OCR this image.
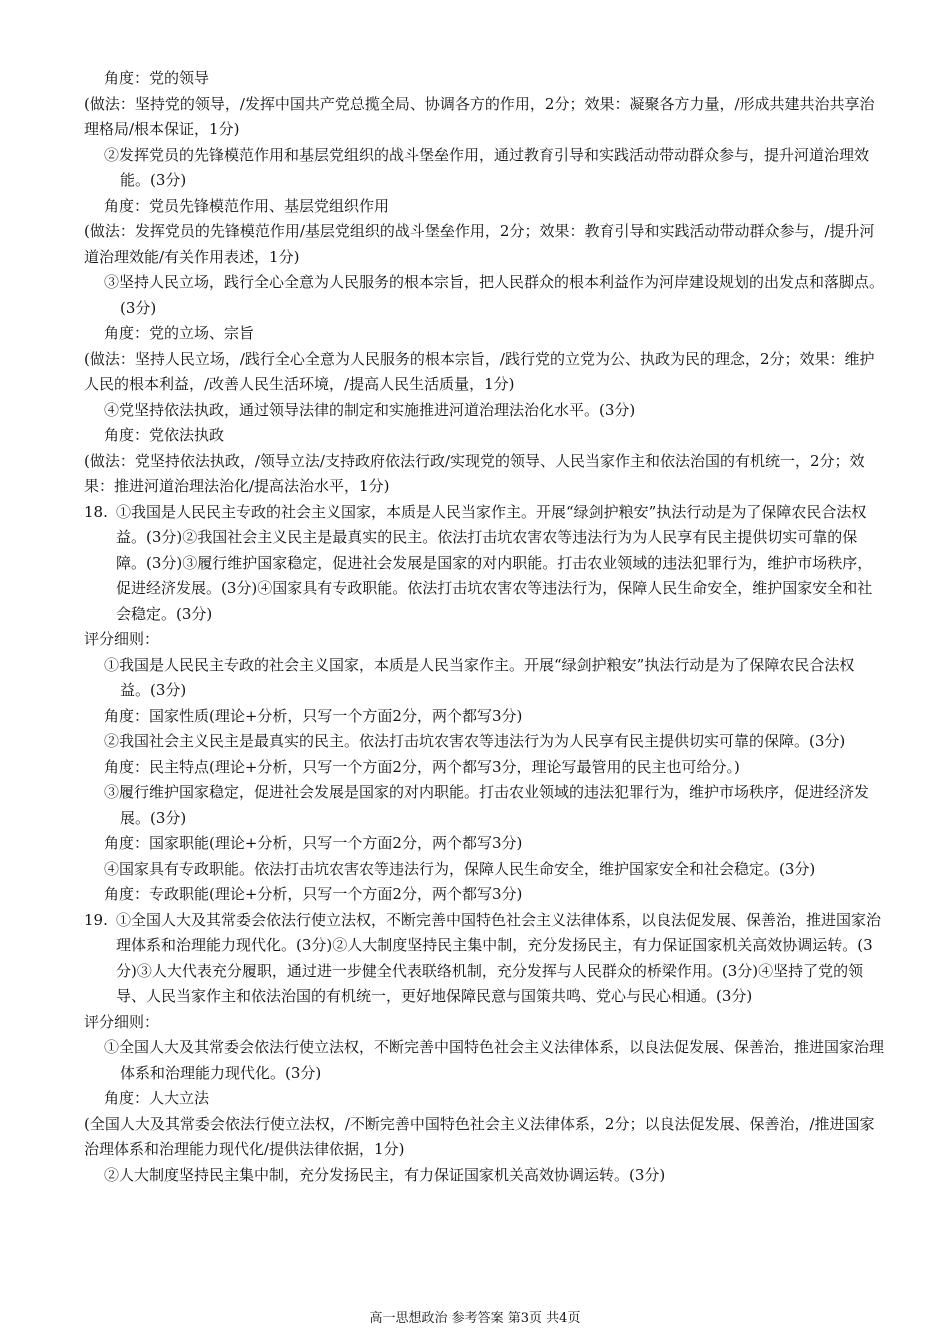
角度：党的领导

(做法：坚持党的领导，/发挥中国共产党总揽全局、协调各方的作用，2分；效果：凝聚各方力量，/形成共建共治共享治理格局/根本保证，1分)

②发挥党员的先锋模范作用和基层党组织的战斗堡垒作用，通过教育引导和实践活动带动群众参与，提升河道治理效能。(3分)

角度：党员先锋模范作用、基层党组织作用

(做法：发挥党员的先锋模范作用/基层党组织的战斗堡垒作用，2分；效果：教育引导和实践活动带动群众参与，/提升河道治理效能/有关作用表述，1分)

③坚持人民立场，践行全心全意为人民服务的根本宗旨，把人民群众的根本利益作为河岸建设规划的出发点和落脚点。(3分)

角度：党的立场、宗旨

(做法：坚持人民立场，/践行全心全意为人民服务的根本宗旨，/践行党的立党为公、执政为民的理念，2分；效果：维护人民的根本利益，/改善人民生活环境，/提高人民生活质量，1分)

④党坚持依法执政，通过领导法律的制定和实施推进河道治理法治化水平。(3分)

角度：党依法执政

(做法：党坚持依法执政，/领导立法/支持政府依法行政/实现党的领导、人民当家作主和依法治国的有机统一，2分；效果：推进河道治理法治化/提高法治水平，1分)

18. ①我国是人民民主专政的社会主义国家，本质是人民当家作主。开展“绿剑护粮安”执法行动是为了保障农民合法权益。(3分)②我国社会主义民主是最真实的民主。依法打击坑农害农等违法行为为人民享有民主提供切实可靠的保障。(3分)③履行维护国家稳定，促进社会发展是国家的对内职能。打击农业领域的违法犯罪行为，维护市场秩序，促进经济发展。(3分)④国家具有专政职能。依法打击坑农害农等违法行为，保障人民生命安全，维护国家安全和社会稳定。(3分)

评分细则：

①我国是人民民主专政的社会主义国家，本质是人民当家作主。开展“绿剑护粮安”执法行动是为了保障农民合法权益。(3分)

角度：国家性质(理论+分析，只写一个方面2分，两个都写3分)

②我国社会主义民主是最真实的民主。依法打击坑农害农等违法行为为人民享有民主提供切实可靠的保障。(3分)

角度：民主特点(理论+分析，只写一个方面2分，两个都写3分，理论写最管用的民主也可给分。)

③履行维护国家稳定，促进社会发展是国家的对内职能。打击农业领域的违法犯罪行为，维护市场秩序，促进经济发展。(3分)

角度：国家职能(理论+分析，只写一个方面2分，两个都写3分)

④国家具有专政职能。依法打击坑农害农等违法行为，保障人民生命安全，维护国家安全和社会稳定。(3分)

角度：专政职能(理论+分析，只写一个方面2分，两个都写3分)

19. ①全国人大及其常委会依法行使立法权，不断完善中国特色社会主义法律体系，以良法促发展、保善治，推进国家治理体系和治理能力现代化。(3分)②人大制度坚持民主集中制，充分发扬民主，有力保证国家机关高效协调运转。(3分)③人大代表充分履职，通过进一步健全代表联络机制，充分发挥与人民群众的桥梁作用。(3分)④坚持了党的领导、人民当家作主和依法治国的有机统一，更好地保障民意与国策共鸣、党心与民心相通。(3分)

评分细则：

①全国人大及其常委会依法行使立法权，不断完善中国特色社会主义法律体系，以良法促发展、保善治，推进国家治理体系和治理能力现代化。(3分)

角度：人大立法

(全国人大及其常委会依法行使立法权，/不断完善中国特色社会主义法律体系，2分；以良法促发展、保善治，/推进国家治理体系和治理能力现代化/提供法律依据，1分)

②人大制度坚持民主集中制，充分发扬民主，有力保证国家机关高效协调运转。(3分)

高一思想政治 参考答案 第3页 共4页
